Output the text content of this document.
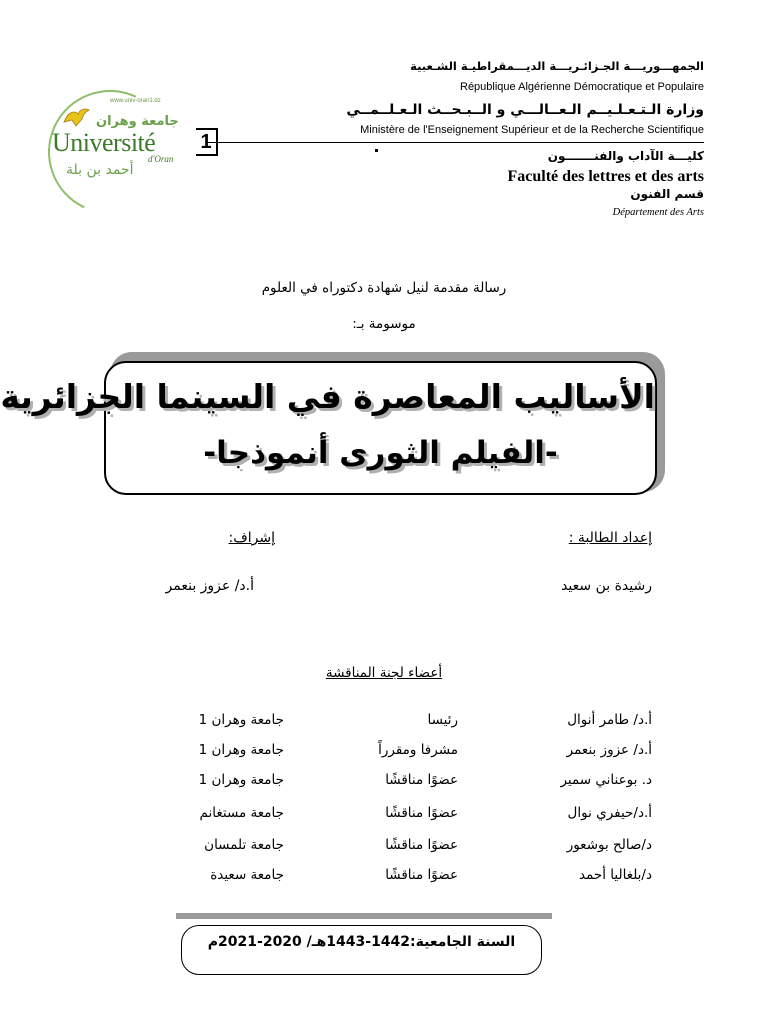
الجمهـــوريـــة الجـزائـريـــة الديـــمقراطيـة الشـعبية
République Algérienne Démocratique et Populaire
وزارة الـتـعـلـيــم الـعــالـــي و الــبـحــث الـعـلــمــي
Ministère de l'Enseignement Supérieur et de la Recherche Scientifique
كليـــة الآداب والفنـــــــون
Faculté des lettres et des arts
قسم الفنون
Département des Arts
www.univ-oran1.dz
جامعة وهران
Université
d'Oran
1
أحمد بن بلة
رسالة مقدمة لنيل شهادة دكتوراه في العلوم
موسومة بـ:
الأساليب المعاصرة في السينما الجزائرية
-الفيلم الثورى أنموذجا-
إعداد الطالبة :
رشيدة بن سعيد
إشراف:
أ.د/ عزوز بنعمر
أعضاء لجنة المناقشة
أ.د/ طامر أنوال
رئيسا
جامعة وهران 1
أ.د/ عزوز بنعمر
مشرفا ومقرراً
جامعة وهران 1
د. بوعناني سمير
عضوًا مناقشًا
جامعة وهران 1
أ.د/حيفري نوال
عضوًا مناقشًا
جامعة مستغانم
د/صالح بوشعور
عضوًا مناقشًا
جامعة تلمسان
د/بلغاليا أحمد
عضوًا مناقشًا
جامعة سعيدة
السنة الجامعية:1442-1443هـ/ 2020-2021م
